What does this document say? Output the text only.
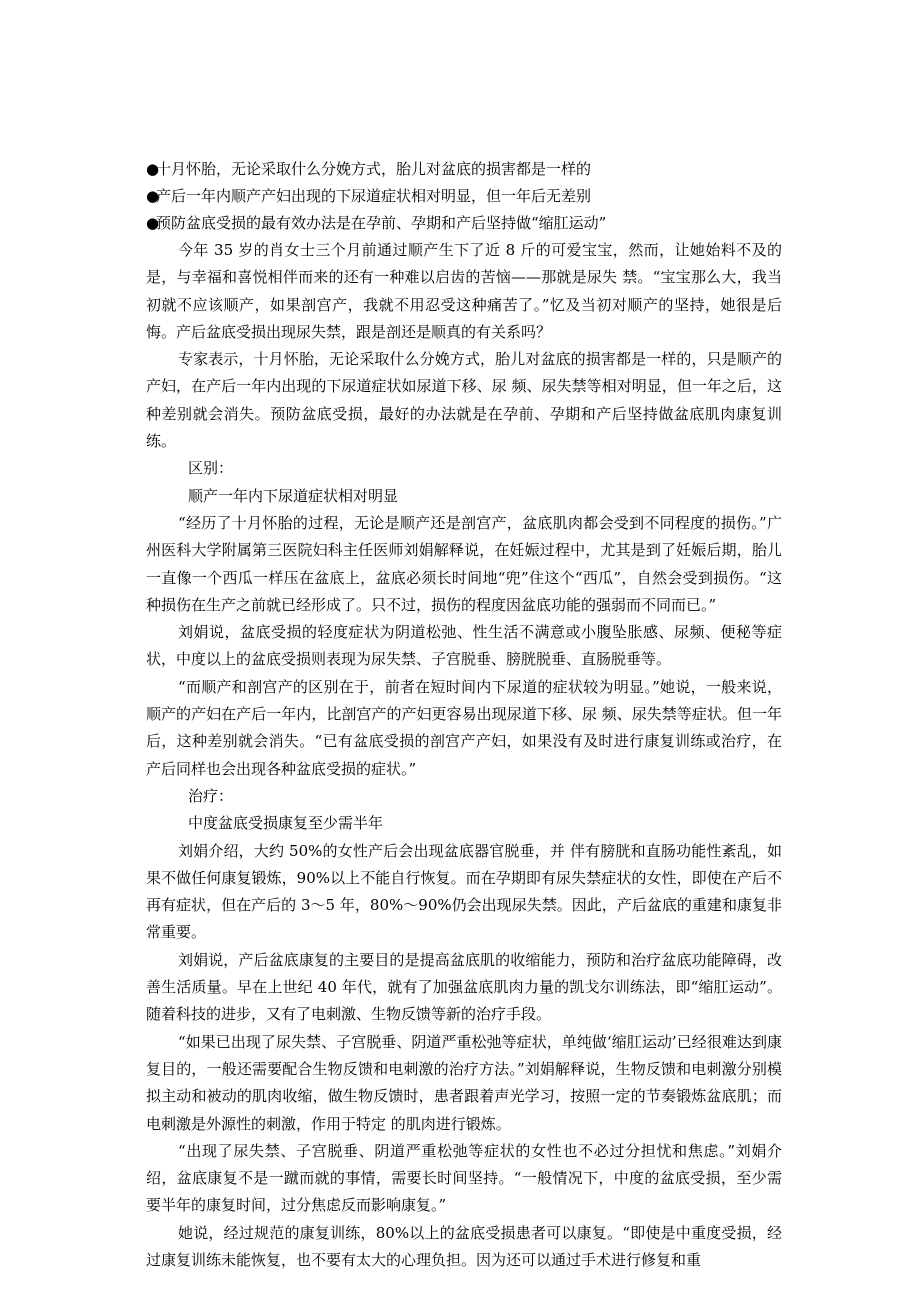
●十月怀胎，无论采取什么分娩方式，胎儿对盆底的损害都是一样的

●产后一年内顺产产妇出现的下尿道症状相对明显，但一年后无差别

●预防盆底受损的最有效办法是在孕前、孕期和产后坚持做“缩肛运动”

今年 35 岁的肖女士三个月前通过顺产生下了近 8 斤的可爱宝宝，然而，让她始料不及的是，与幸福和喜悦相伴而来的还有一种难以启齿的苦恼——那就是尿失 禁。“宝宝那么大，我当初就不应该顺产，如果剖宫产，我就不用忍受这种痛苦了。”忆及当初对顺产的坚持，她很是后悔。产后盆底受损出现尿失禁，跟是剖还是顺真的有关系吗？

专家表示，十月怀胎，无论采取什么分娩方式，胎儿对盆底的损害都是一样的，只是顺产的产妇，在产后一年内出现的下尿道症状如尿道下移、尿 频、尿失禁等相对明显，但一年之后，这种差别就会消失。预防盆底受损，最好的办法就是在孕前、孕期和产后坚持做盆底肌肉康复训练。

区别：

顺产一年内下尿道症状相对明显

“经历了十月怀胎的过程，无论是顺产还是剖宫产，盆底肌肉都会受到不同程度的损伤。”广州医科大学附属第三医院妇科主任医师刘娟解释说，在妊娠过程中，尤其是到了妊娠后期，胎儿一直像一个西瓜一样压在盆底上，盆底必须长时间地“兜”住这个“西瓜”，自然会受到损伤。“这种损伤在生产之前就已经形成了。只不过，损伤的程度因盆底功能的强弱而不同而已。”

刘娟说，盆底受损的轻度症状为阴道松弛、性生活不满意或小腹坠胀感、尿频、便秘等症状，中度以上的盆底受损则表现为尿失禁、子宫脱垂、膀胱脱垂、直肠脱垂等。

“而顺产和剖宫产的区别在于，前者在短时间内下尿道的症状较为明显。”她说，一般来说，顺产的产妇在产后一年内，比剖宫产的产妇更容易出现尿道下移、尿 频、尿失禁等症状。但一年后，这种差别就会消失。“已有盆底受损的剖宫产产妇，如果没有及时进行康复训练或治疗，在产后同样也会出现各种盆底受损的症状。”

治疗：

中度盆底受损康复至少需半年

刘娟介绍，大约 50%的女性产后会出现盆底器官脱垂，并 伴有膀胱和直肠功能性紊乱，如果不做任何康复锻炼，90%以上不能自行恢复。而在孕期即有尿失禁症状的女性，即使在产后不再有症状，但在产后的 3～5 年，80%～90%仍会出现尿失禁。因此，产后盆底的重建和康复非常重要。

刘娟说，产后盆底康复的主要目的是提高盆底肌的收缩能力，预防和治疗盆底功能障碍，改善生活质量。早在上世纪 40 年代，就有了加强盆底肌肉力量的凯戈尔训练法，即“缩肛运动”。随着科技的进步，又有了电刺激、生物反馈等新的治疗手段。

“如果已出现了尿失禁、子宫脱垂、阴道严重松弛等症状，单纯做‘缩肛运动’已经很难达到康复目的，一般还需要配合生物反馈和电刺激的治疗方法。”刘娟解释说，生物反馈和电刺激分别模拟主动和被动的肌肉收缩，做生物反馈时，患者跟着声光学习，按照一定的节奏锻炼盆底肌；而电刺激是外源性的刺激，作用于特定 的肌肉进行锻炼。

“出现了尿失禁、子宫脱垂、阴道严重松弛等症状的女性也不必过分担忧和焦虑。”刘娟介绍，盆底康复不是一蹴而就的事情，需要长时间坚持。“一般情况下，中度的盆底受损，至少需要半年的康复时间，过分焦虑反而影响康复。”

她说，经过规范的康复训练，80%以上的盆底受损患者可以康复。“即使是中重度受损，经过康复训练未能恢复，也不要有太大的心理负担。因为还可以通过手术进行修复和重
